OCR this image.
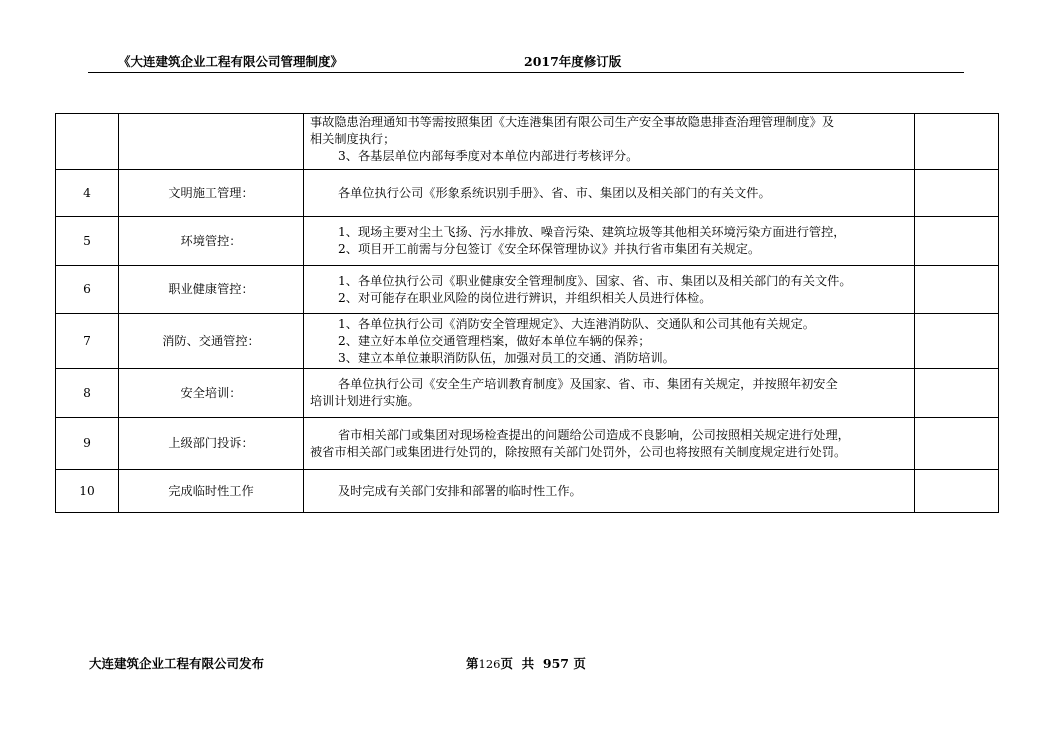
《大连建筑企业工程有限公司管理制度》	2017年度修订版

		事故隐患治理通知书等需按照集团《大连港集团有限公司生产安全事故隐患排查治理管理制度》及
相关制度执行；
3、各基层单位内部每季度对本单位内部进行考核评分。	

4	文明施工管理：	各单位执行公司《形象系统识别手册》、省、市、集团以及相关部门的有关文件。	

5	环境管控：	1、现场主要对尘土飞扬、污水排放、噪音污染、建筑垃圾等其他相关环境污染方面进行管控，
2、项目开工前需与分包签订《安全环保管理协议》并执行省市集团有关规定。	

6	职业健康管控：	1、各单位执行公司《职业健康安全管理制度》、国家、省、市、集团以及相关部门的有关文件。
2、对可能存在职业风险的岗位进行辨识，并组织相关人员进行体检。	

7	消防、交通管控：	1、各单位执行公司《消防安全管理规定》、大连港消防队、交通队和公司其他有关规定。
2、建立好本单位交通管理档案，做好本单位车辆的保养；
3、建立本单位兼职消防队伍，加强对员工的交通、消防培训。	

8	安全培训：	各单位执行公司《安全生产培训教育制度》及国家、省、市、集团有关规定，并按照年初安全
培训计划进行实施。	

9	上级部门投诉：	省市相关部门或集团对现场检查提出的问题给公司造成不良影响，公司按照相关规定进行处理，
被省市相关部门或集团进行处罚的，除按照有关部门处罚外，公司也将按照有关制度规定进行处罚。	

10	完成临时性工作	及时完成有关部门安排和部署的临时性工作。	

大连建筑企业工程有限公司发布	第126页  共  957 页
